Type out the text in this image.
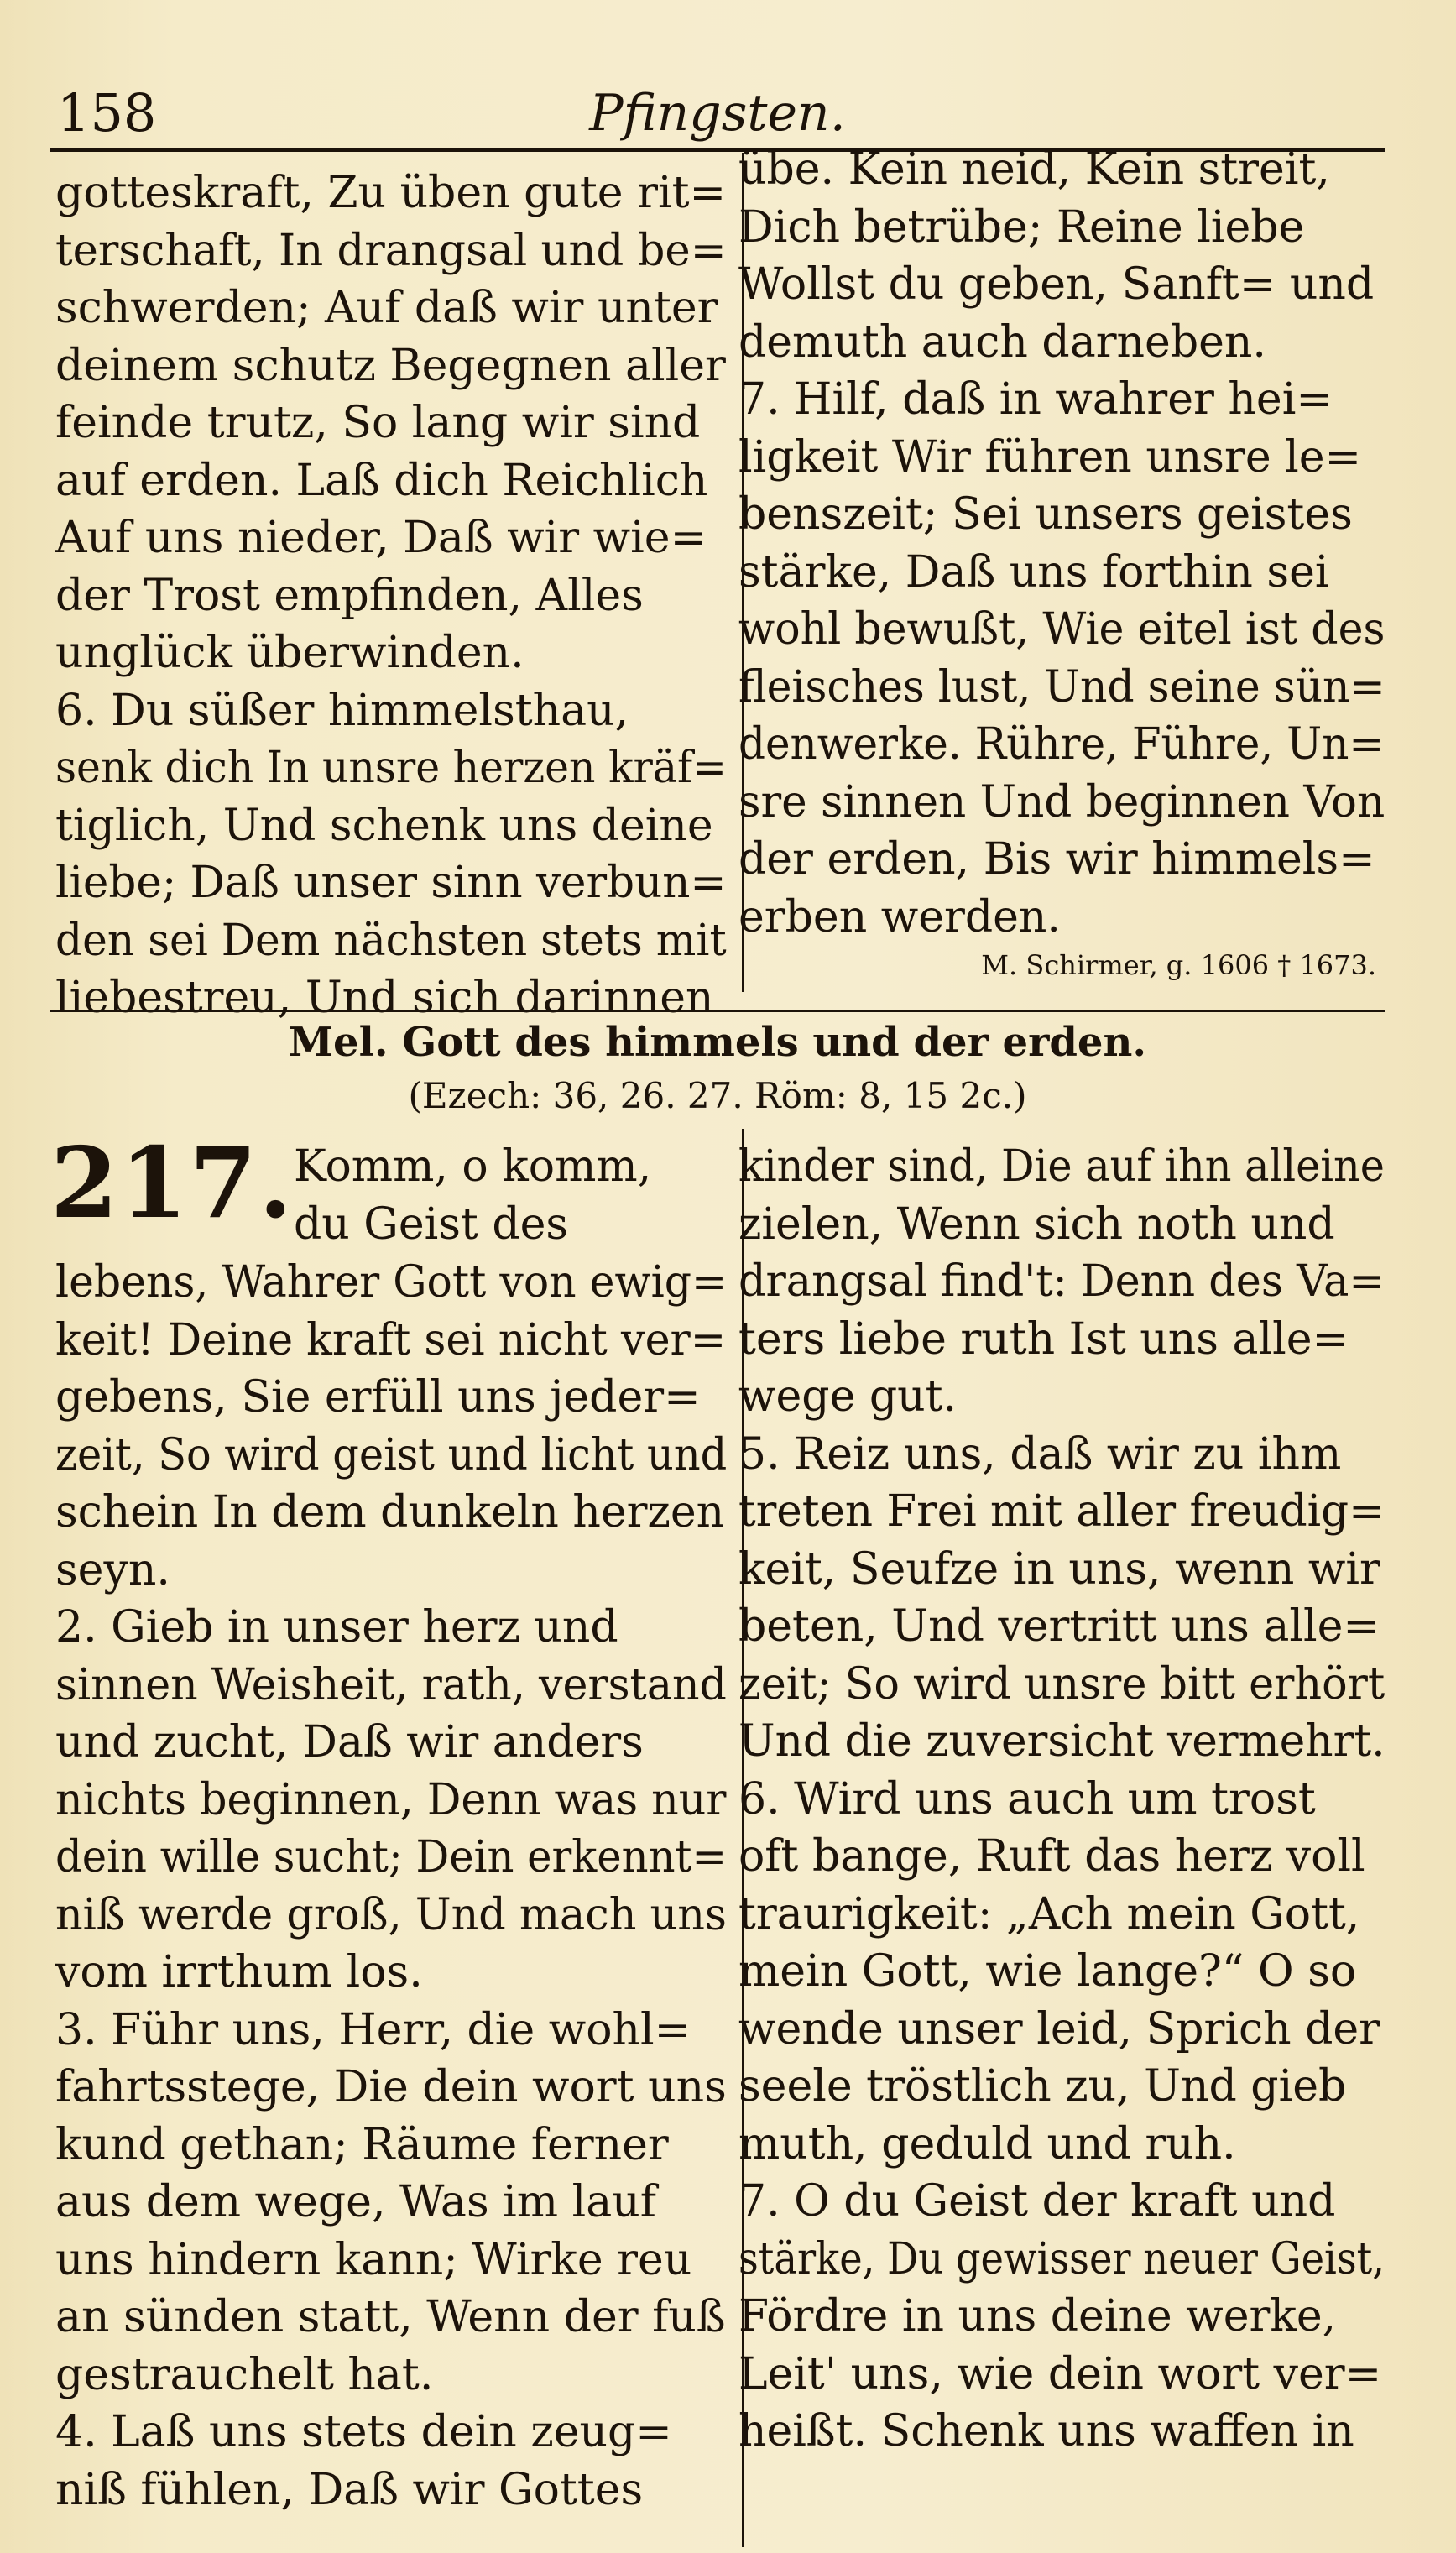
158	Pfingsten.
gotteskraft, Zu üben gute rit=
terschaft, In drangsal und be=
schwerden; Auf daß wir unter
deinem schutz Begegnen aller
feinde trutz, So lang wir sind
auf erden. Laß dich Reichlich
Auf uns nieder, Daß wir wie=
der Trost empfinden, Alles
unglück überwinden.
6. Du süßer himmelsthau,
senk dich In unsre herzen kräf=
tiglich, Und schenk uns deine
liebe; Daß unser sinn verbun=
den sei Dem nächsten stets mit
liebestreu, Und sich darinnen
übe. Kein neid, Kein streit,
Dich betrübe; Reine liebe
Wollst du geben, Sanft= und
demuth auch darneben.
7. Hilf, daß in wahrer hei=
ligkeit Wir führen unsre le=
benszeit; Sei unsers geistes
stärke, Daß uns forthin sei
wohl bewußt, Wie eitel ist des
fleisches lust, Und seine sün=
denwerke. Rühre, Führe, Un=
sre sinnen Und beginnen Von
der erden, Bis wir himmels=
erben werden.
M. Schirmer, g. 1606 † 1673.
Mel. Gott des himmels und der erden.
(Ezech: 36, 26. 27. Röm: 8, 15 2c.)
217. Komm, o komm,
du Geist des
lebens, Wahrer Gott von ewig=
keit! Deine kraft sei nicht ver=
gebens, Sie erfüll uns jeder=
zeit, So wird geist und licht und
schein In dem dunkeln herzen
seyn.
2. Gieb in unser herz und
sinnen Weisheit, rath, verstand
und zucht, Daß wir anders
nichts beginnen, Denn was nur
dein wille sucht; Dein erkennt=
niß werde groß, Und mach uns
vom irrthum los.
3. Führ uns, Herr, die wohl=
fahrtsstege, Die dein wort uns
kund gethan; Räume ferner
aus dem wege, Was im lauf
uns hindern kann; Wirke reu
an sünden statt, Wenn der fuß
gestrauchelt hat.
4. Laß uns stets dein zeug=
niß fühlen, Daß wir Gottes
kinder sind, Die auf ihn alleine
zielen, Wenn sich noth und
drangsal find't: Denn des Va=
ters liebe ruth Ist uns alle=
wege gut.
5. Reiz uns, daß wir zu ihm
treten Frei mit aller freudig=
keit, Seufze in uns, wenn wir
beten, Und vertritt uns alle=
zeit; So wird unsre bitt erhört
Und die zuversicht vermehrt.
6. Wird uns auch um trost
oft bange, Ruft das herz voll
traurigkeit: „Ach mein Gott,
mein Gott, wie lange?“ O so
wende unser leid, Sprich der
seele tröstlich zu, Und gieb
muth, geduld und ruh.
7. O du Geist der kraft und
stärke, Du gewisser neuer Geist,
Fördre in uns deine werke,
Leit' uns, wie dein wort ver=
heißt. Schenk uns waffen in
